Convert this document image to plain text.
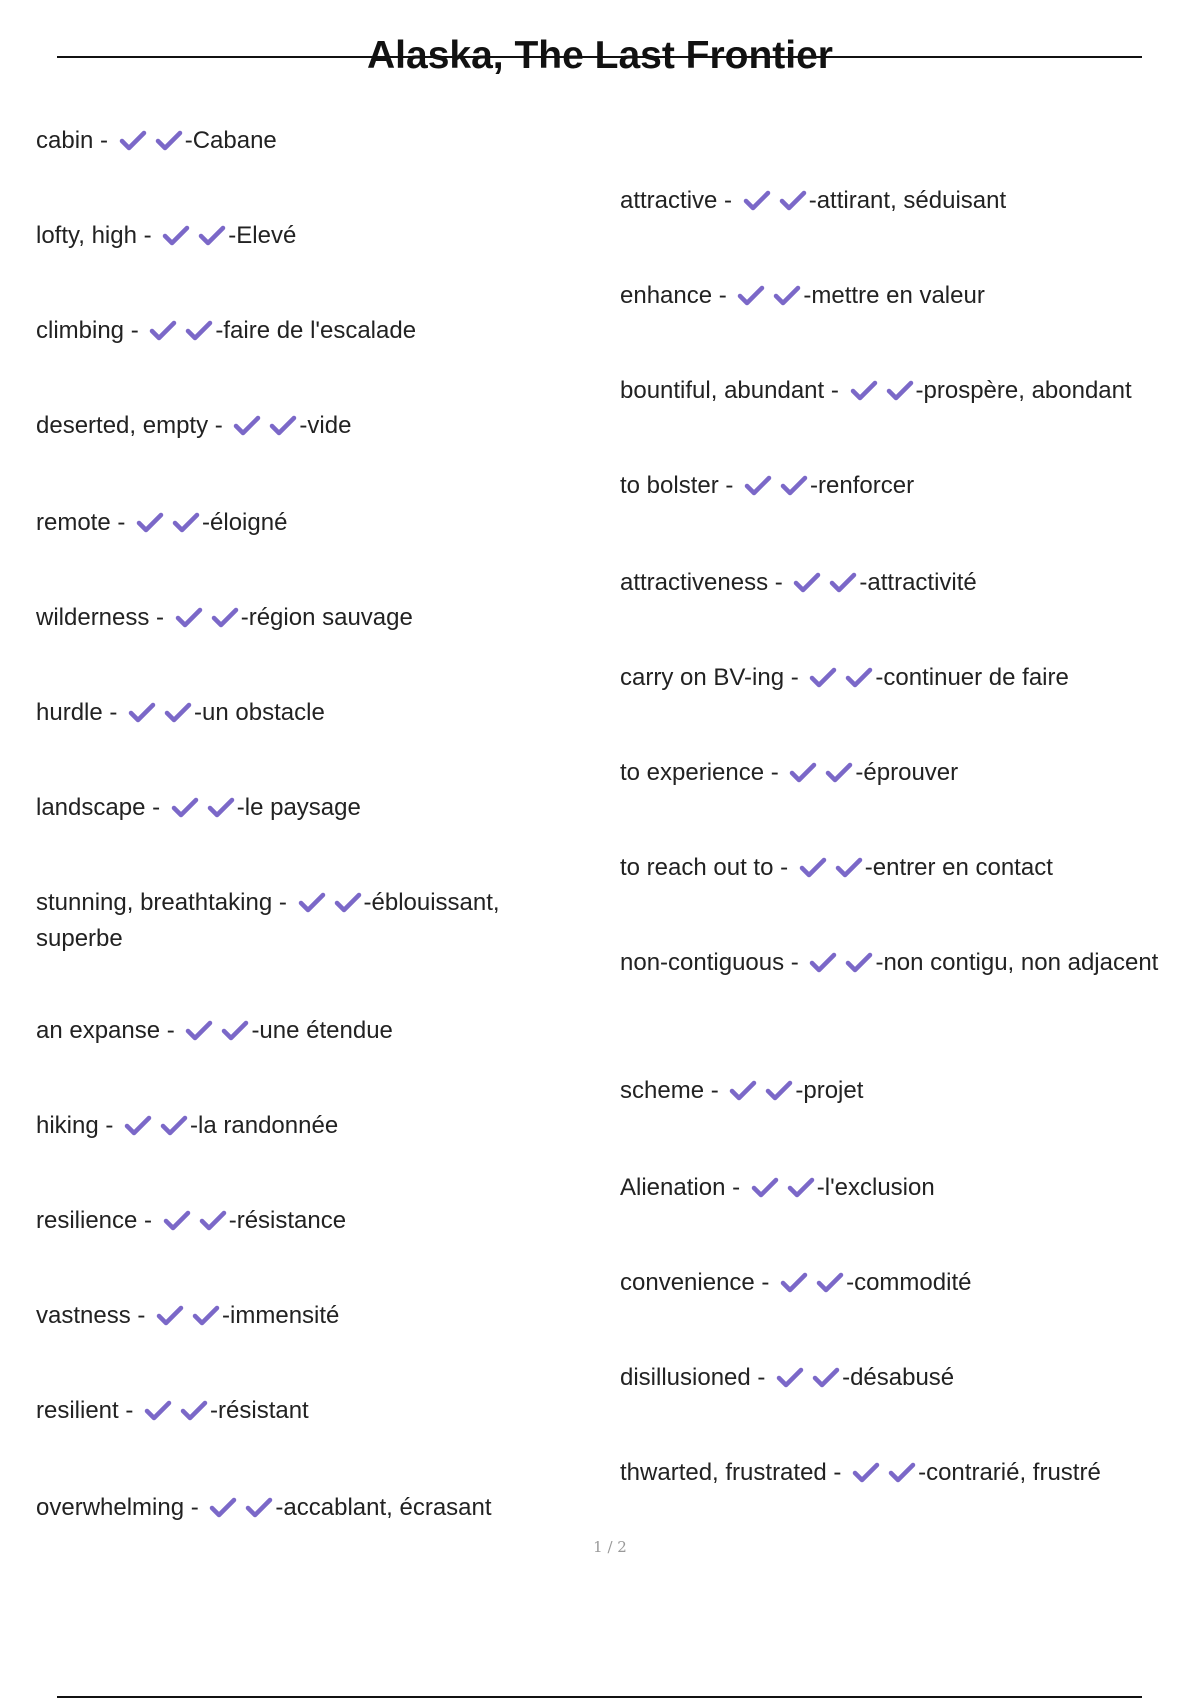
Alaska, The Last Frontier
cabin -	-Cabane
lofty, high -	-Elevé
climbing -	-faire de l'escalade
deserted, empty -	-vide
remote -	-éloigné
wilderness -	-région sauvage
hurdle -	-un obstacle
landscape -	-le paysage
stunning, breathtaking -	-éblouissant, superbe
an expanse -	-une étendue
hiking -	-la randonnée
resilience -	-résistance
vastness -	-immensité
resilient -	-résistant
overwhelming -	-accablant, écrasant
attractive -	-attirant, séduisant
enhance -	-mettre en valeur
bountiful, abundant -	-prospère, abondant
to bolster -	-renforcer
attractiveness -	-attractivité
carry on BV-ing -	-continuer de faire
to experience -	-éprouver
to reach out to -	-entrer en contact
non-contiguous -	-non contigu, non adjacent
scheme -	-projet
Alienation -	-l'exclusion
convenience -	-commodité
disillusioned -	-désabusé
thwarted, frustrated -	-contrarié, frustré
1 / 2
